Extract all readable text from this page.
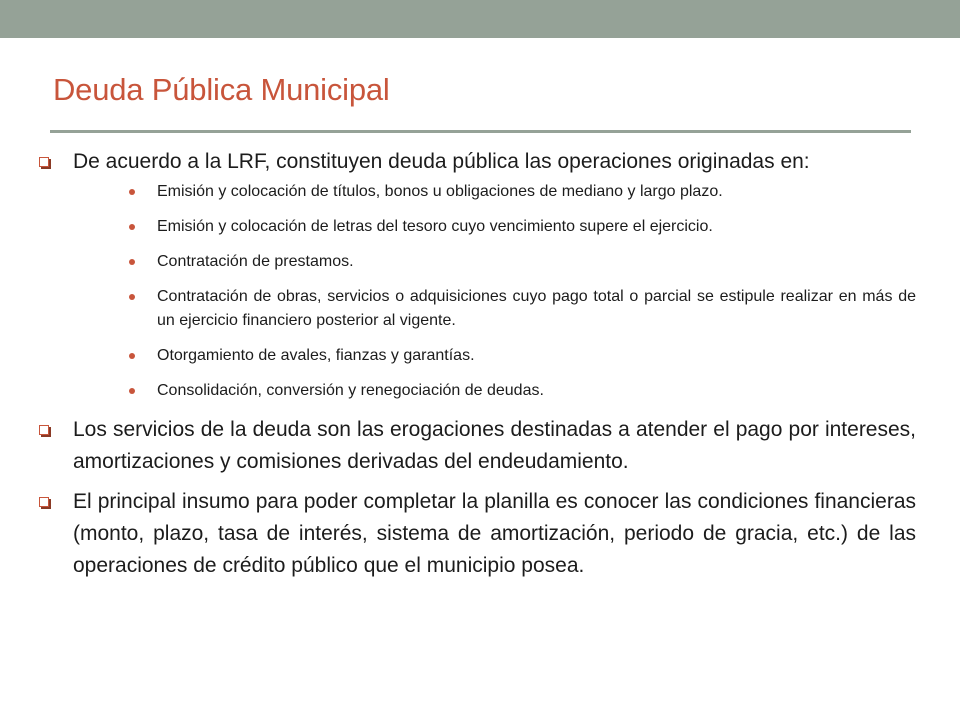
Deuda Pública Municipal
De acuerdo a la LRF, constituyen deuda pública las operaciones originadas en:
Emisión y colocación de títulos, bonos u obligaciones de mediano y largo plazo.
Emisión y colocación de letras del tesoro cuyo vencimiento supere el ejercicio.
Contratación de prestamos.
Contratación de obras, servicios o adquisiciones cuyo pago total o parcial se estipule realizar en más de un ejercicio financiero posterior al vigente.
Otorgamiento de avales, fianzas y garantías.
Consolidación, conversión y renegociación de deudas.
Los servicios de la deuda son las erogaciones destinadas a atender el pago por intereses, amortizaciones y comisiones derivadas del endeudamiento.
El principal insumo para poder completar la planilla es conocer las condiciones financieras (monto, plazo, tasa de interés, sistema de amortización, periodo de gracia, etc.) de las operaciones de crédito público que el municipio posea.
